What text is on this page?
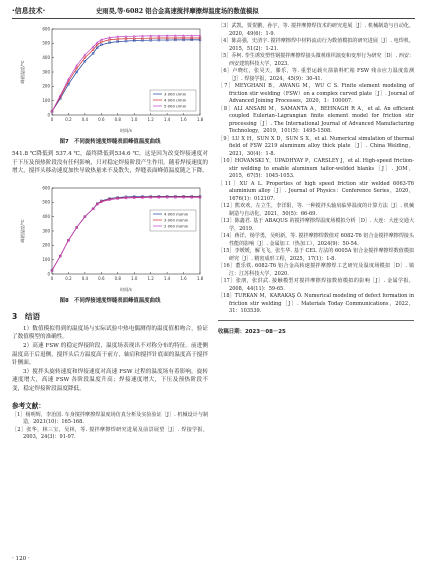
·信息技术·	史雨昊,等·6082 铝合金高速搅拌摩擦焊温度场的数值模拟
0
100
200
300
400
500
600
0	0.2	0.4	0.6	0.8	1.0	1.2	1.4	1.6	1.8
时间/s
峰值温度/℃
3 000 r/min
4 000 r/min
5 000 r/min
图7　不同旋转速度焊缝表面峰值温度曲线

541.8 ℃降低到 537.4 ℃，最终降低到534.6 ℃，这是因为改变焊接速度对于下压及预热阶段没有任何影响，只对稳定焊接阶段产生作用。随着焊接速度的增大，搅拌头移动速度加快导致热量来不及散失，焊缝表面峰值温度随之下降。

0
100
200
300
400
500
600
0	0.2	0.4	0.6	0.8	1.0	1.2	1.4	1.6	1.8
时间/s
峰值温度/℃
4 000 m/min
3 000 m/min
2 000 m/min
图8　不同焊接速度焊缝表面峰值温度曲线
3　结语

1）数值模拟得到的温度场与实际试验中热电偶测得的温度值相吻合，验证了数值模型的准确性。

2）高速 FSW 的稳定焊接阶段，温度场表现出不对称分布的特征。前进侧温度高于后退侧，搅拌头后方温度高于前方，轴肩和搅拌针底面的温度高于搅拌针侧面。

3）搅拌头旋转速度和焊接速度对高速 FSW 过程的温度场有着影响。旋转速度增大，高速 FSW 各阶段温度升高；焊接速度增大，下压及预热阶段不变，稳定焊接阶段温度降低。

参考文献：

［1］杨明辉，李治国. 车身搅拌摩擦焊温度场仿真分析及实验验证［J］. 机械设计与制造，2021(10)：165-168.

［2］张华，林三宝，吴林，等. 搅拌摩擦焊研究进展及前景展望［J］. 焊接学报，2003，24(3)：91-97.

［3］武凯，贾贺鹏，孙宇，等. 搅拌摩擦焊技术的研究进展［J］. 机械制造与自动化，2020，49(6)：1-9.

［4］陈高强，史清宇. 搅拌摩擦焊中材料流动行为数值模拟的研究进展［J］. 电焊机，2015，51(2)：1-21.

［5］乔柯. 孪生诱发塑性钢搅拌摩擦焊接头微观组织演变和变形行为研究［D］. 西安：西安建筑科技大学，2023.

［6］卢晓红，张昊天，滕乐，等. 重型运载火箭箭料贮箱 FSW 残余应力温度监测［J］. 焊接学报，2024，45(9)：30-41.

［7］MEYGHANI B，AWANG M，WU C S. Finite element modeling of friction stir welding（FSW）on a complex curved plate［J］. Journal of Advanced Joining Processes，2020，1：100007.

［8］ALI ANSARI M，SAMANTA A，BEHNAGH R A，et al. An efficient coupled Eulerian–Lagrangian finite element model for friction stir processing［J］. The International Journal of Advanced Manufacturing Technology，2019，101(5)：1495-1508.

［9］LU X H，SUN X D，SUN S X，et al. Numerical simulation of thermal field of FSW 2219 aluminum alloy thick plate［J］. China Welding，2021，30(4)：1-8.

［10］HOVANSKI Y，UPADHYAY P，CARSLEY J，et al. High-speed friction-stir welding to enable aluminum tailor-welded blanks［J］. JOM，2015，67(5)：1045-1053.

［11］XU A L. Properties of high speed friction stir welded 6063-T6 aluminium alloy［J］. Journal of Physics：Conference Series，2020，1676(1)：012107.

［12］熊欢欢，左立生，李洋阳，等. 一种搅拌头轴肩临界温度的计算方法［J］. 机械制造与自动化，2021，50(5)：66-69.

［13］陈鑫君. 基于 ABAQUS 的搅拌摩擦焊温度场模拟分析［D］. 大连：大连交通大学，2019.

［14］蒋洋，杨学勇，吴明新，等. 搅拌摩擦焊数值对 6082-T6 铝合金搅拌摩擦焊接头性能的影响［J］. 金属加工（热加工），2024(9)：50-54.

［15］李媛媛，解飞飞，张生华. 基于 CEL 方法的 6005A 铝合金搅拌摩擦焊数值模拟研究［J］. 精密成形工程，2025，17(1)：1-8.

［16］董乐铁. 6082-T6 铝合金高转速搅拌摩擦焊工艺研究及温度场模拟［D］. 镇江：江苏科技大学，2020.

［17］张朋，张洪武. 接触模型对搅拌摩擦焊接数值模拟的影响［J］. 金属学报，2008，44(11)：59-65.

［18］TURKAN M，KARAKAŞ Ö. Numerical modeling of defect formation in friction stir welding［J］. Materials Today Communications，2022，31：103539.

收稿日期：2023－08－25
· 120 ·
